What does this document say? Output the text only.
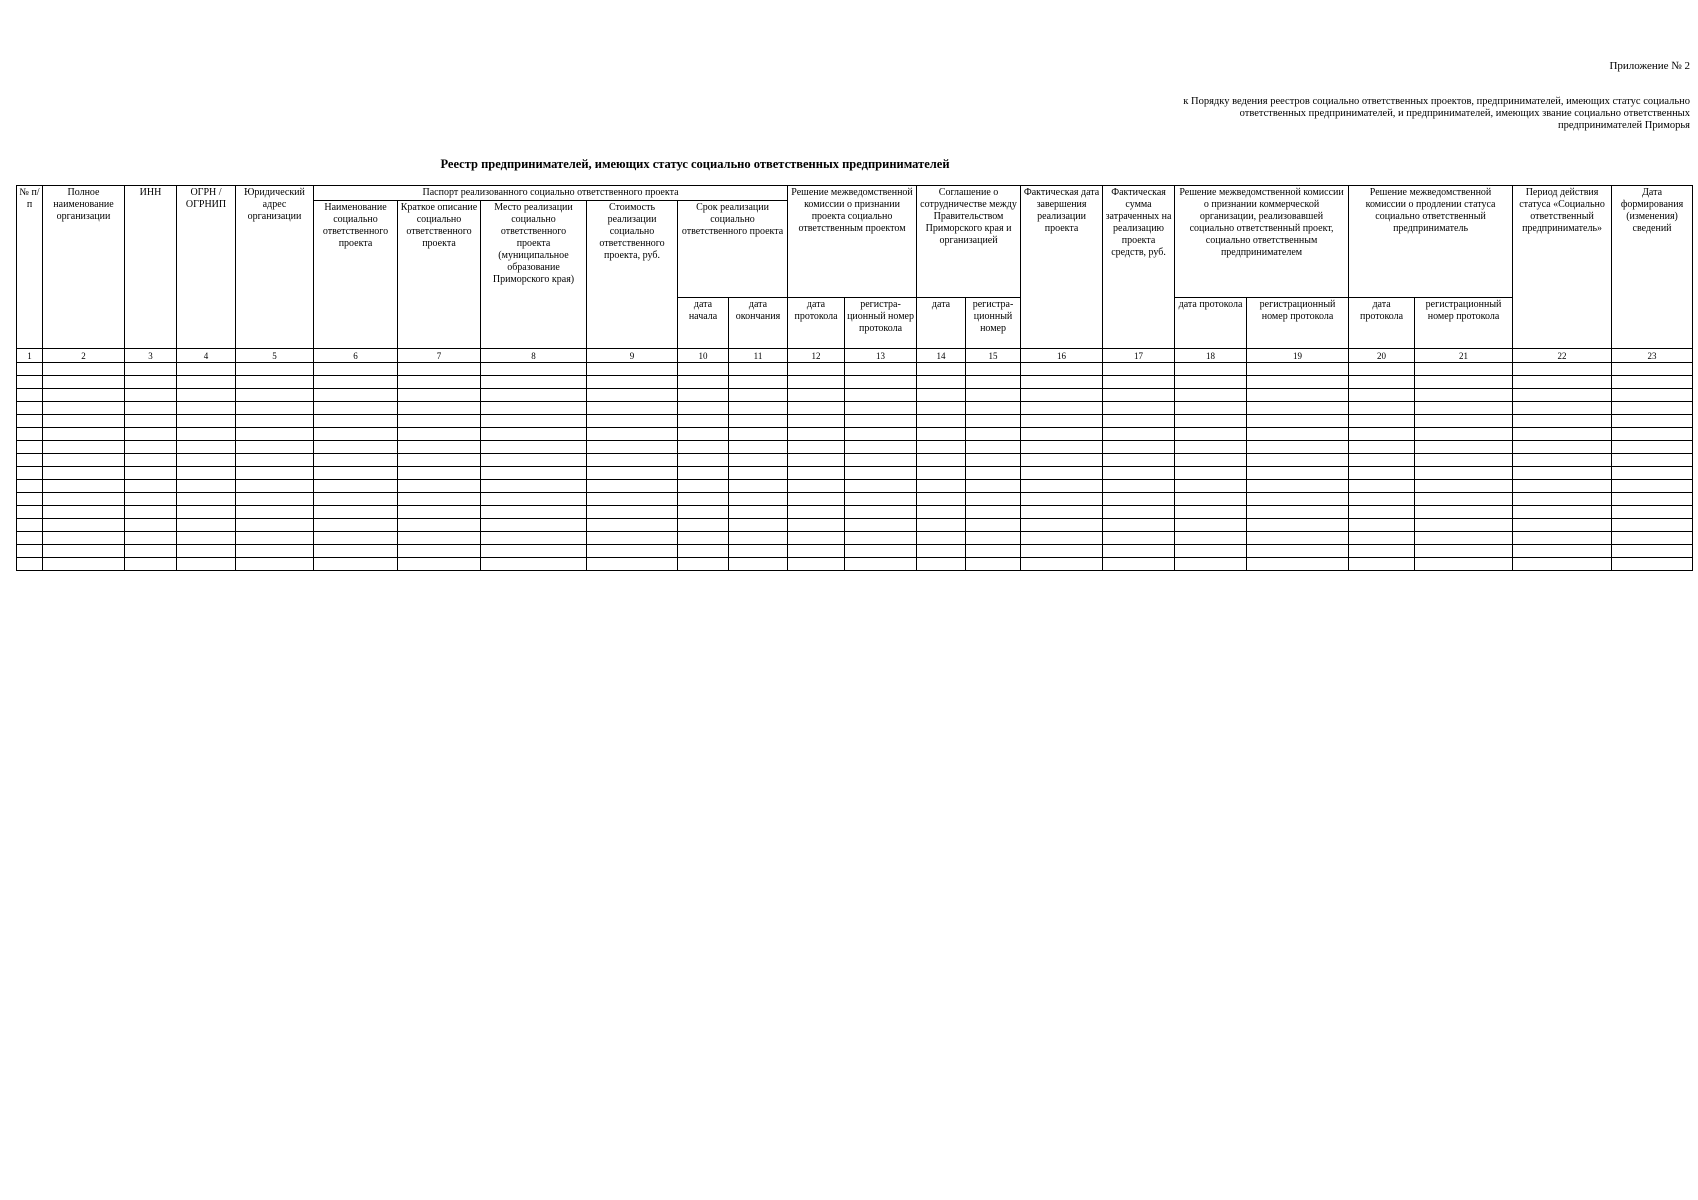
Приложение № 2
к Порядку ведения реестров социально ответственных проектов, предпринимателей, имеющих статус социально ответственных предпринимателей, и предпринимателей, имеющих звание социально ответственных предпринимателей Приморья
Реестр предпринимателей, имеющих статус социально ответственных предпринимателей
№ п/п	Полное наименование организации	ИНН	ОГРН / ОГРНИП	Юридический адрес организации	Паспорт реализованного социально ответственного проекта						Решение межведомственной комиссии о признании проекта социально ответственным проектом		Соглашение о сотрудничестве между Правительством Приморского края и организацией		Фактическая дата завершения реализации проекта	Фактическая сумма затраченных на реализацию проекта средств, руб.	Решение межведомственной комиссии о признании коммерческой организации, реализовавшей социально ответственный проект, социально ответственным предпринимателем		Решение межведомственной комиссии о продлении статуса социально ответственный предприниматель		Период действия статуса «Социально ответственный предприниматель»	Дата формирования (изменения) сведений
					Наименование социально ответственного проекта	Краткое описание социально ответственного проекта	Место реализации социально ответственного проекта (муниципальное образование Приморского края)	Стоимость реализации социально ответственного проекта, руб.	Срок реализации социально ответственного проекта													
									дата начала	дата окончания	дата протокола	регистра-ционный номер протокола	дата	регистра-ционный номер			дата протокола	регистрационный номер протокола	дата протокола	регистрационный номер протокола		
1	2	3	4	5	6	7	8	9	10	11	12	13	14	15	16	17	18	19	20	21	22	23
